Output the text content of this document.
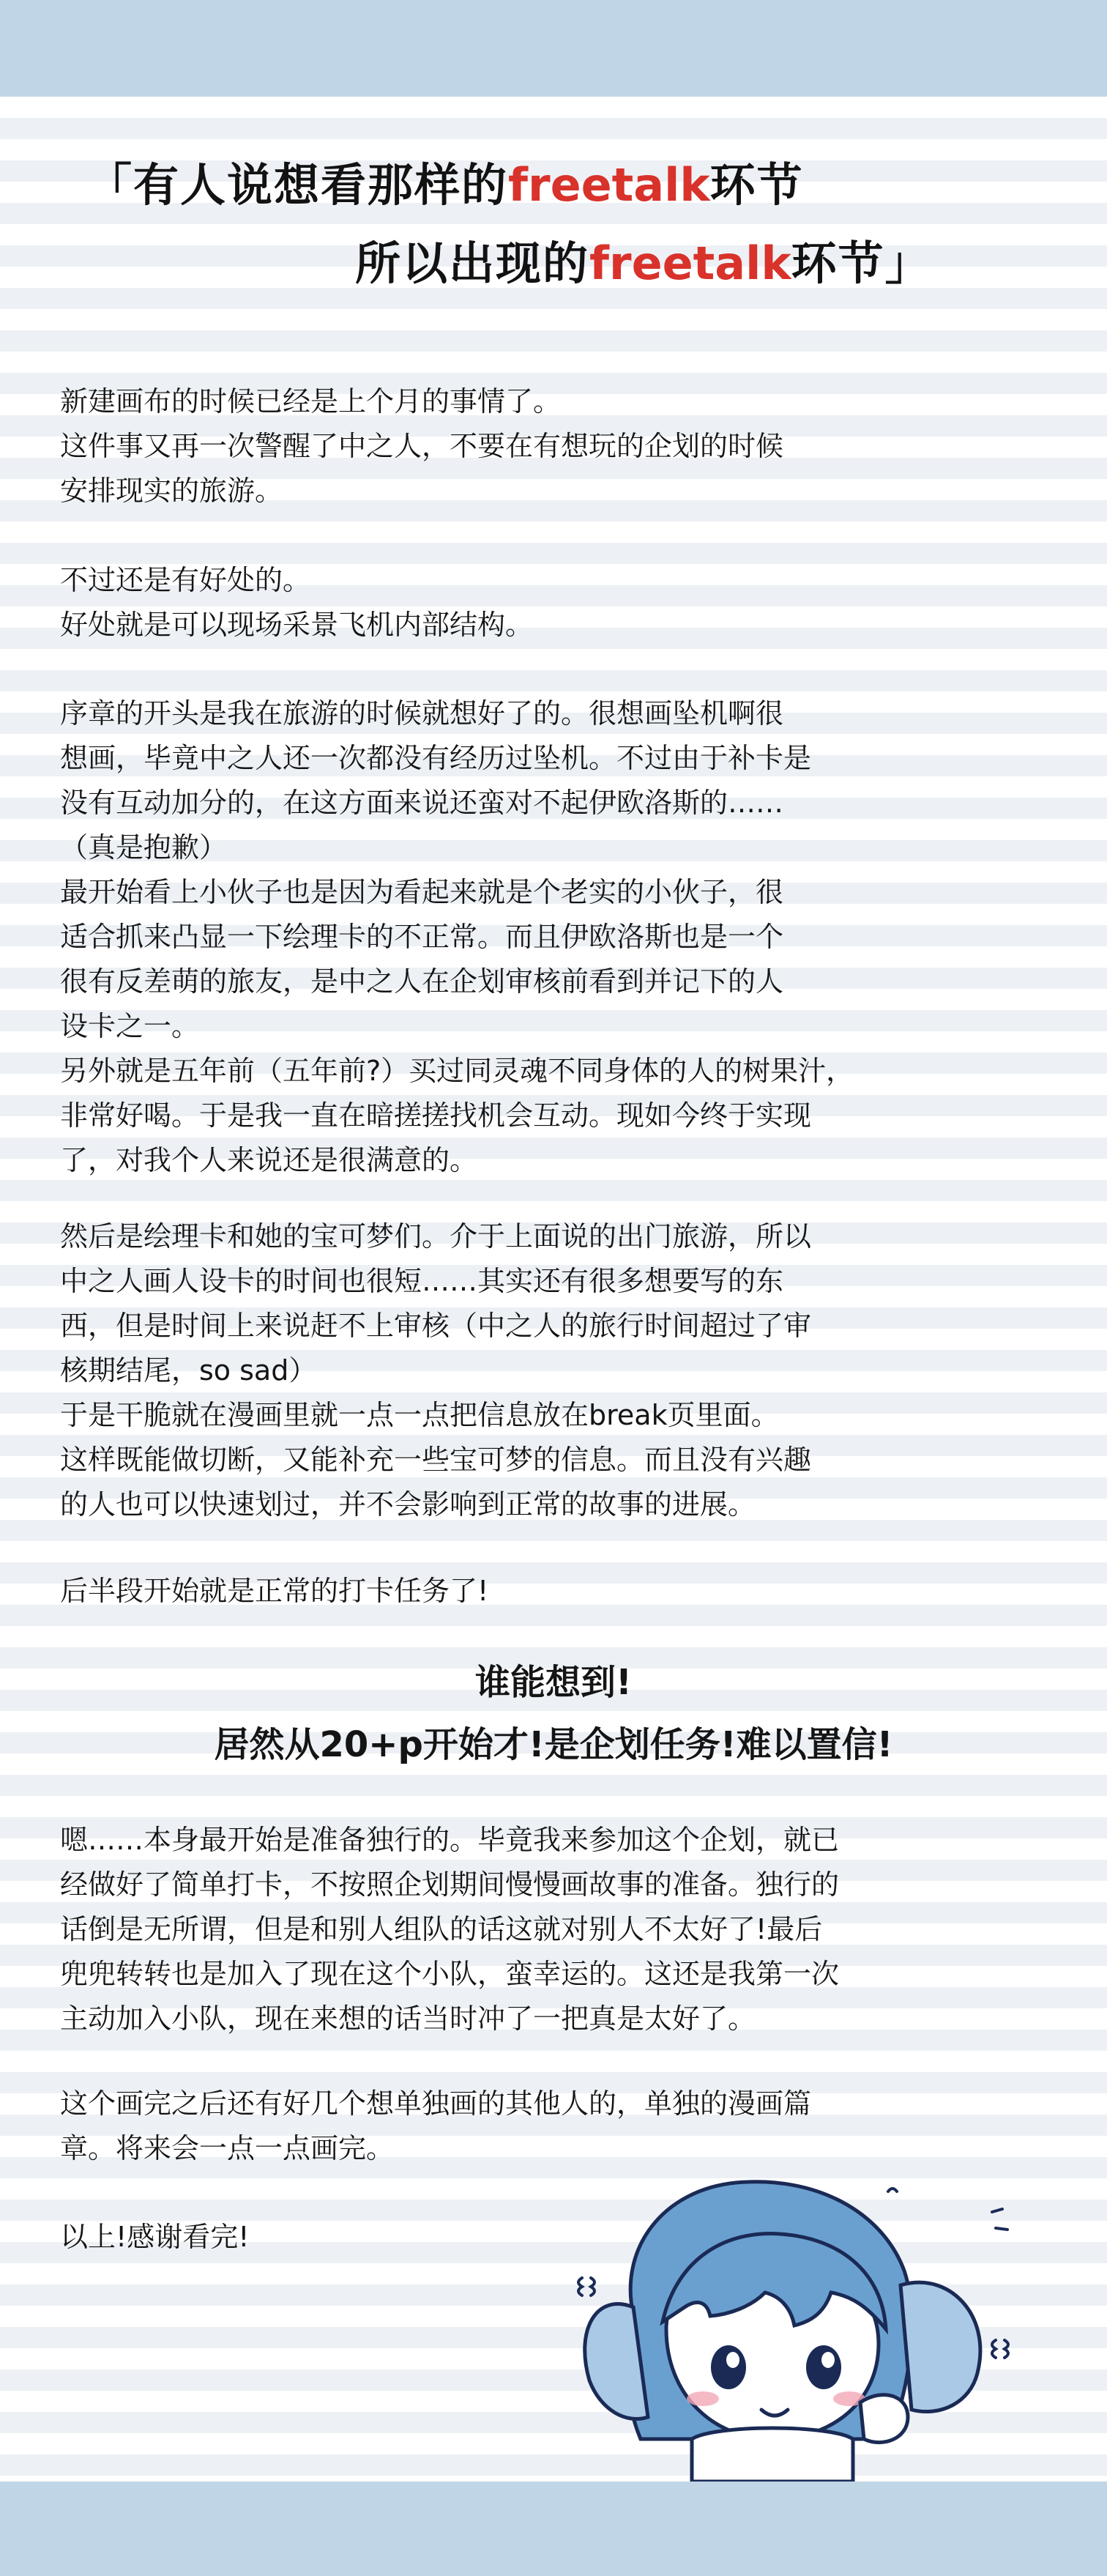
「有人说想看那样的freetalk环节
所以出现的freetalk环节」
新建画布的时候已经是上个月的事情了。
这件事又再一次警醒了中之人，不要在有想玩的企划的时候
安排现实的旅游。
不过还是有好处的。
好处就是可以现场采景飞机内部结构。
序章的开头是我在旅游的时候就想好了的。很想画坠机啊很
想画，毕竟中之人还一次都没有经历过坠机。不过由于补卡是
没有互动加分的，在这方面来说还蛮对不起伊欧洛斯的……
（真是抱歉）
最开始看上小伙子也是因为看起来就是个老实的小伙子，很
适合抓来凸显一下绘理卡的不正常。而且伊欧洛斯也是一个
很有反差萌的旅友，是中之人在企划审核前看到并记下的人
设卡之一。
另外就是五年前（五年前?）买过同灵魂不同身体的人的树果汁，
非常好喝。于是我一直在暗搓搓找机会互动。现如今终于实现
了，对我个人来说还是很满意的。
然后是绘理卡和她的宝可梦们。介于上面说的出门旅游，所以
中之人画人设卡的时间也很短……其实还有很多想要写的东
西，但是时间上来说赶不上审核（中之人的旅行时间超过了审
核期结尾，so sad）
于是干脆就在漫画里就一点一点把信息放在break页里面。
这样既能做切断，又能补充一些宝可梦的信息。而且没有兴趣
的人也可以快速划过，并不会影响到正常的故事的进展。
后半段开始就是正常的打卡任务了!
谁能想到!
居然从20+p开始才!是企划任务!难以置信!
嗯……本身最开始是准备独行的。毕竟我来参加这个企划，就已
经做好了简单打卡，不按照企划期间慢慢画故事的准备。独行的
话倒是无所谓，但是和别人组队的话这就对别人不太好了!最后
兜兜转转也是加入了现在这个小队，蛮幸运的。这还是我第一次
主动加入小队，现在来想的话当时冲了一把真是太好了。
这个画完之后还有好几个想单独画的其他人的，单独的漫画篇
章。将来会一点一点画完。
以上!感谢看完!
